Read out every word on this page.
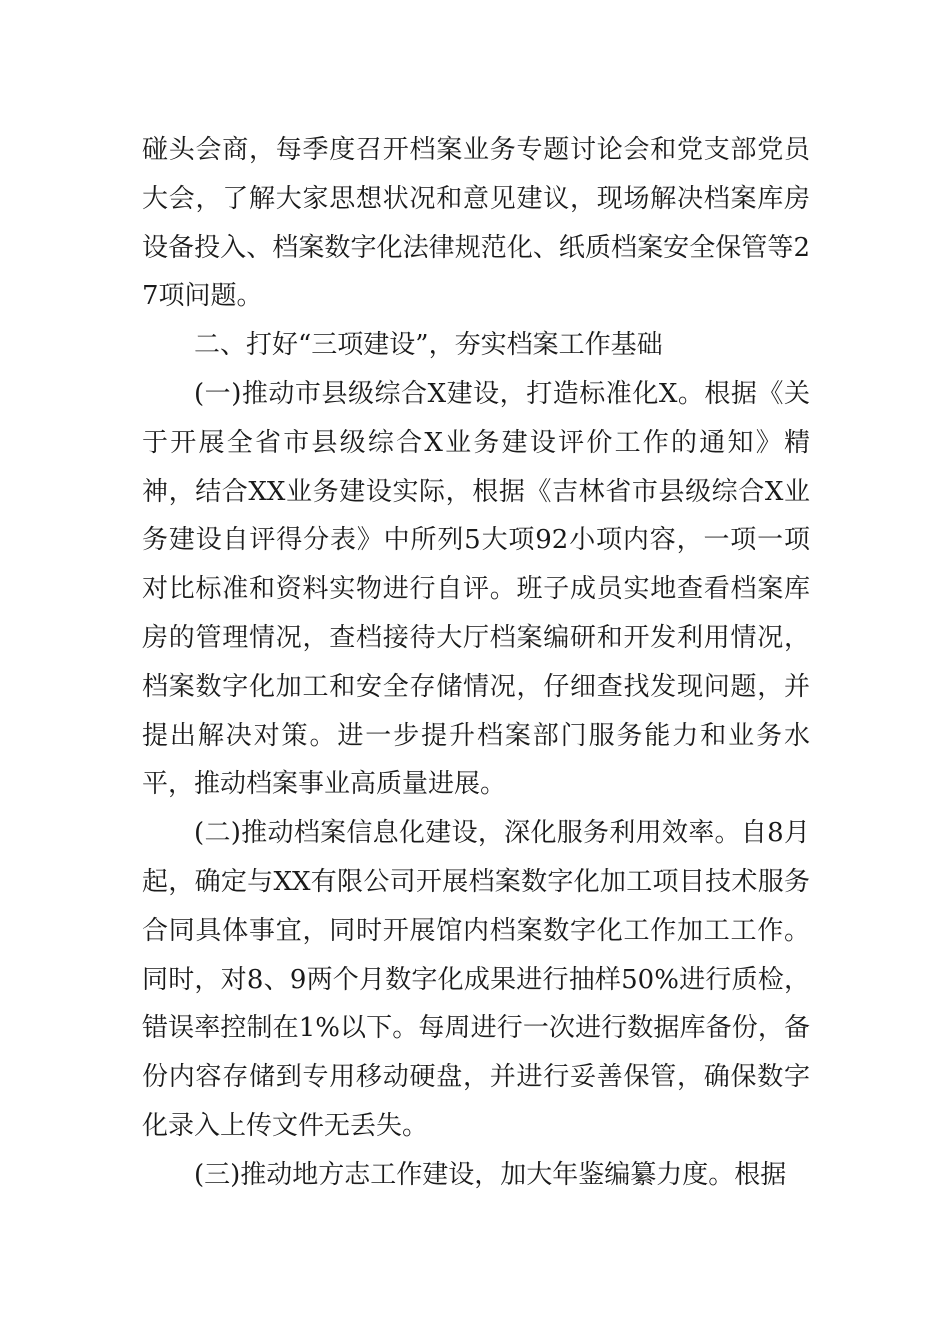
碰头会商，每季度召开档案业务专题讨论会和党支部党员大会，了解大家思想状况和意见建议，现场解决档案库房设备投入、档案数字化法律规范化、纸质档案安全保管等27项问题。

二、打好“三项建设”，夯实档案工作基础

(一)推动市县级综合X建设，打造标准化X。根据《关于开展全省市县级综合X业务建设评价工作的通知》精神，结合XX业务建设实际，根据《吉林省市县级综合X业务建设自评得分表》中所列5大项92小项内容，一项一项对比标准和资料实物进行自评。班子成员实地查看档案库房的管理情况，查档接待大厅档案编研和开发利用情况，档案数字化加工和安全存储情况，仔细查找发现问题，并提出解决对策。进一步提升档案部门服务能力和业务水平，推动档案事业高质量进展。

(二)推动档案信息化建设，深化服务利用效率。自8月起，确定与XX有限公司开展档案数字化加工项目技术服务合同具体事宜，同时开展馆内档案数字化工作加工工作。同时，对8、9两个月数字化成果进行抽样50%进行质检，错误率控制在1%以下。每周进行一次进行数据库备份，备份内容存储到专用移动硬盘，并进行妥善保管，确保数字化录入上传文件无丢失。

(三)推动地方志工作建设，加大年鉴编纂力度。根据
